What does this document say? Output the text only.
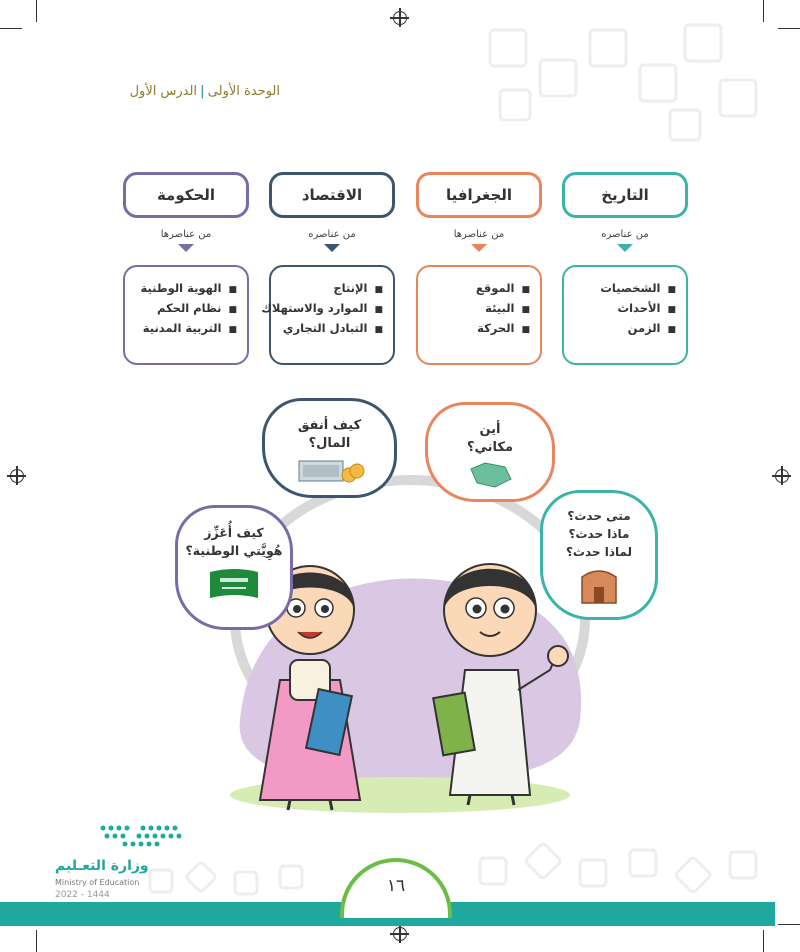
الوحدة الأولى|الدرس الأول
التاريخ
من عناصره
■ الشخصيات
■ الأحداث
■ الزمن
الجغرافيا
من عناصرها
■ الموقع
■ البيئة
■ الحركة
الاقتصاد
من عناصره
■ الإنتاج
■ الموارد والاستهلاك
■ التبادل التجاري
الحكومة
من عناصرها
■ الهوية الوطنية
■ نظام الحكم
■ التربية المدنية
كيف أنفق
المال؟
أين
مكاني؟
متى حدث؟
ماذا حدث؟
لماذا حدث؟
كيف أُعَزِّز
هُوِيَّتي الوطنية؟
١٦
وزارة التعـليم
Ministry of Education
2022 - 1444
